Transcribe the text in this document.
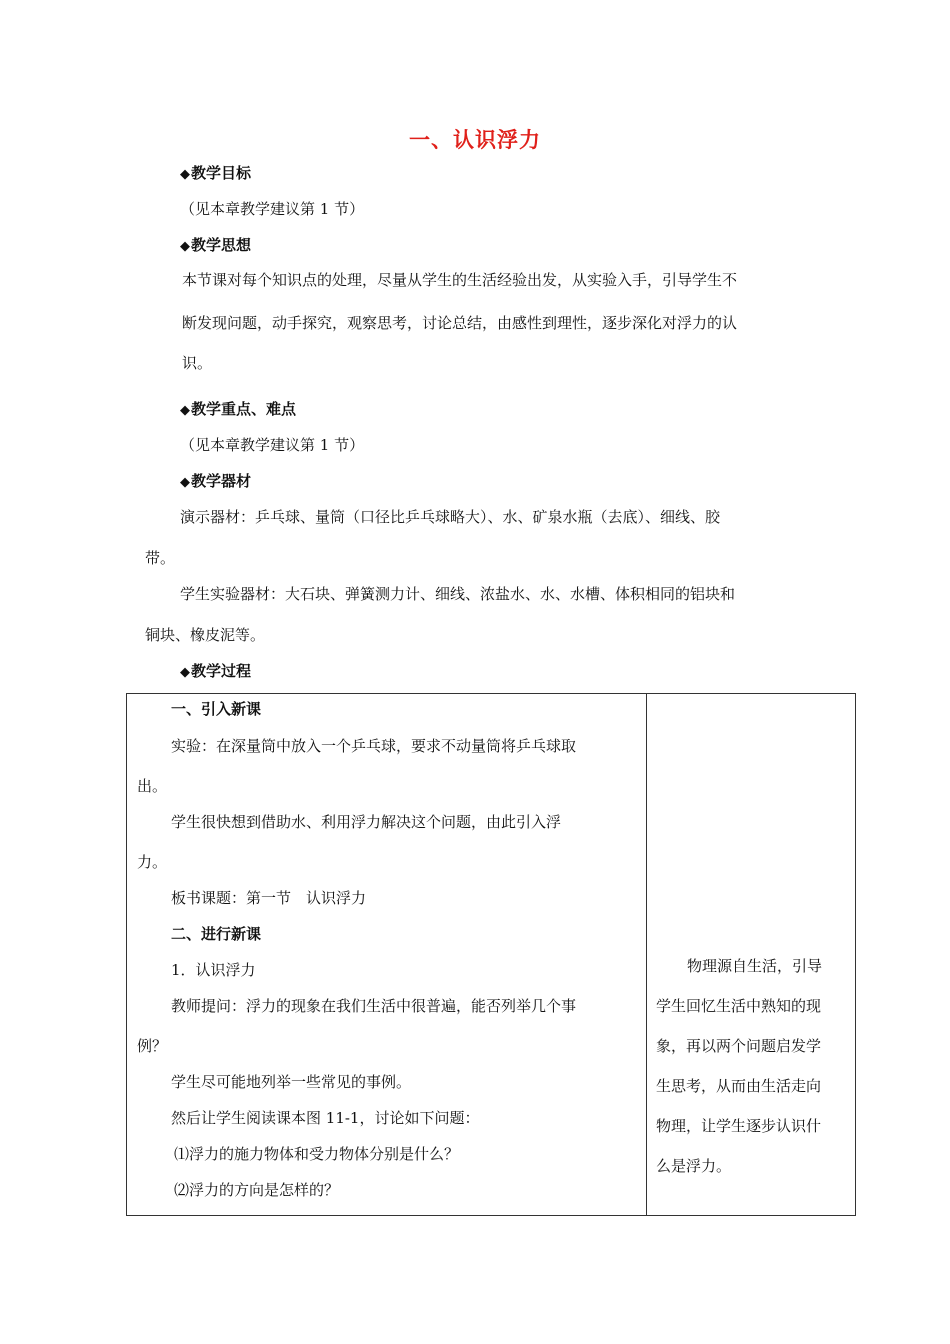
一、认识浮力
◆教学目标
（见本章教学建议第 1 节）
◆教学思想
本节课对每个知识点的处理，尽量从学生的生活经验出发，从实验入手，引导学生不
断发现问题，动手探究，观察思考，讨论总结，由感性到理性，逐步深化对浮力的认
识。
◆教学重点、难点
（见本章教学建议第 1 节）
◆教学器材
演示器材：乒乓球、量筒（口径比乒乓球略大）、水、矿泉水瓶（去底）、细线、胶
带。
学生实验器材：大石块、弹簧测力计、细线、浓盐水、水、水槽、体积相同的铝块和
铜块、橡皮泥等。
◆教学过程
一、引入新课
实验：在深量筒中放入一个乒乓球，要求不动量筒将乒乓球取
出。
学生很快想到借助水、利用浮力解决这个问题，由此引入浮
力。
板书课题：第一节　认识浮力
二、进行新课
1．认识浮力
教师提问：浮力的现象在我们生活中很普遍，能否列举几个事
例？
学生尽可能地列举一些常见的事例。
然后让学生阅读课本图 11-1，讨论如下问题：
⑴浮力的施力物体和受力物体分别是什么？
⑵浮力的方向是怎样的？
物理源自生活，引导
学生回忆生活中熟知的现
象，再以两个问题启发学
生思考，从而由生活走向
物理，让学生逐步认识什
么是浮力。
